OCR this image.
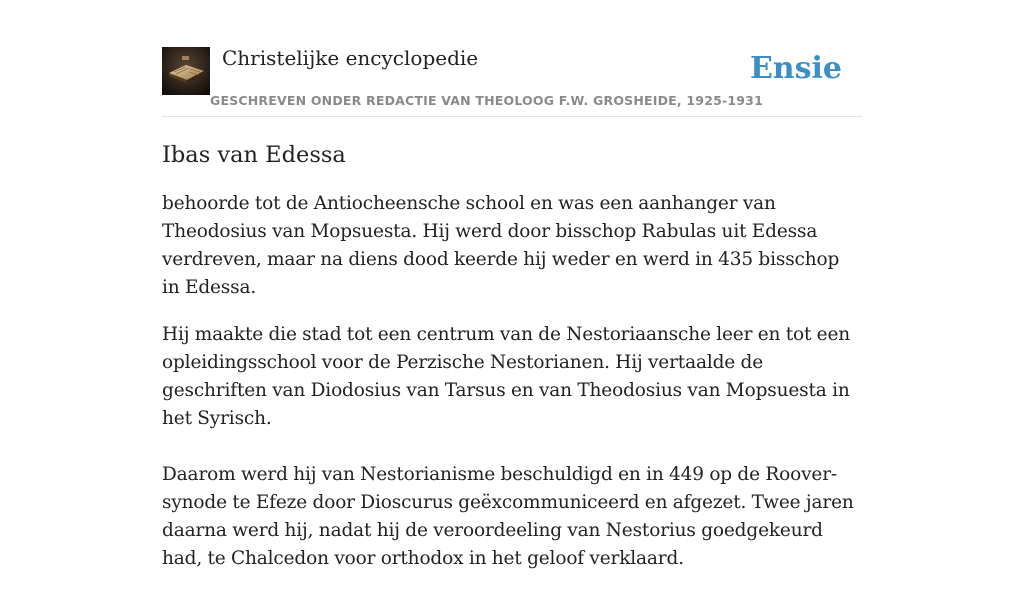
Christelijke encyclopedie
GESCHREVEN ONDER REDACTIE VAN THEOLOOG F.W. GROSHEIDE, 1925-1931
Ensie
Ibas van Edessa

behoorde tot de Antiocheensche school en was een aanhanger van Theodosius van Mopsuesta. Hij werd door bisschop Rabulas uit Edessa verdreven, maar na diens dood keerde hij weder en werd in 435 bisschop in Edessa.

Hij maakte die stad tot een centrum van de Nestoriaansche leer en tot een opleidingsschool voor de Perzische Nestorianen. Hij vertaalde de geschriften van Diodosius van Tarsus en van Theodosius van Mopsuesta in het Syrisch.

Daarom werd hij van Nestorianisme beschuldigd en in 449 op de Roover-synode te Efeze door Dioscurus geëxcommuniceerd en afgezet. Twee jaren daarna werd hij, nadat hij de veroordeeling van Nestorius goedgekeurd had, te Chalcedon voor orthodox in het geloof verklaard.
